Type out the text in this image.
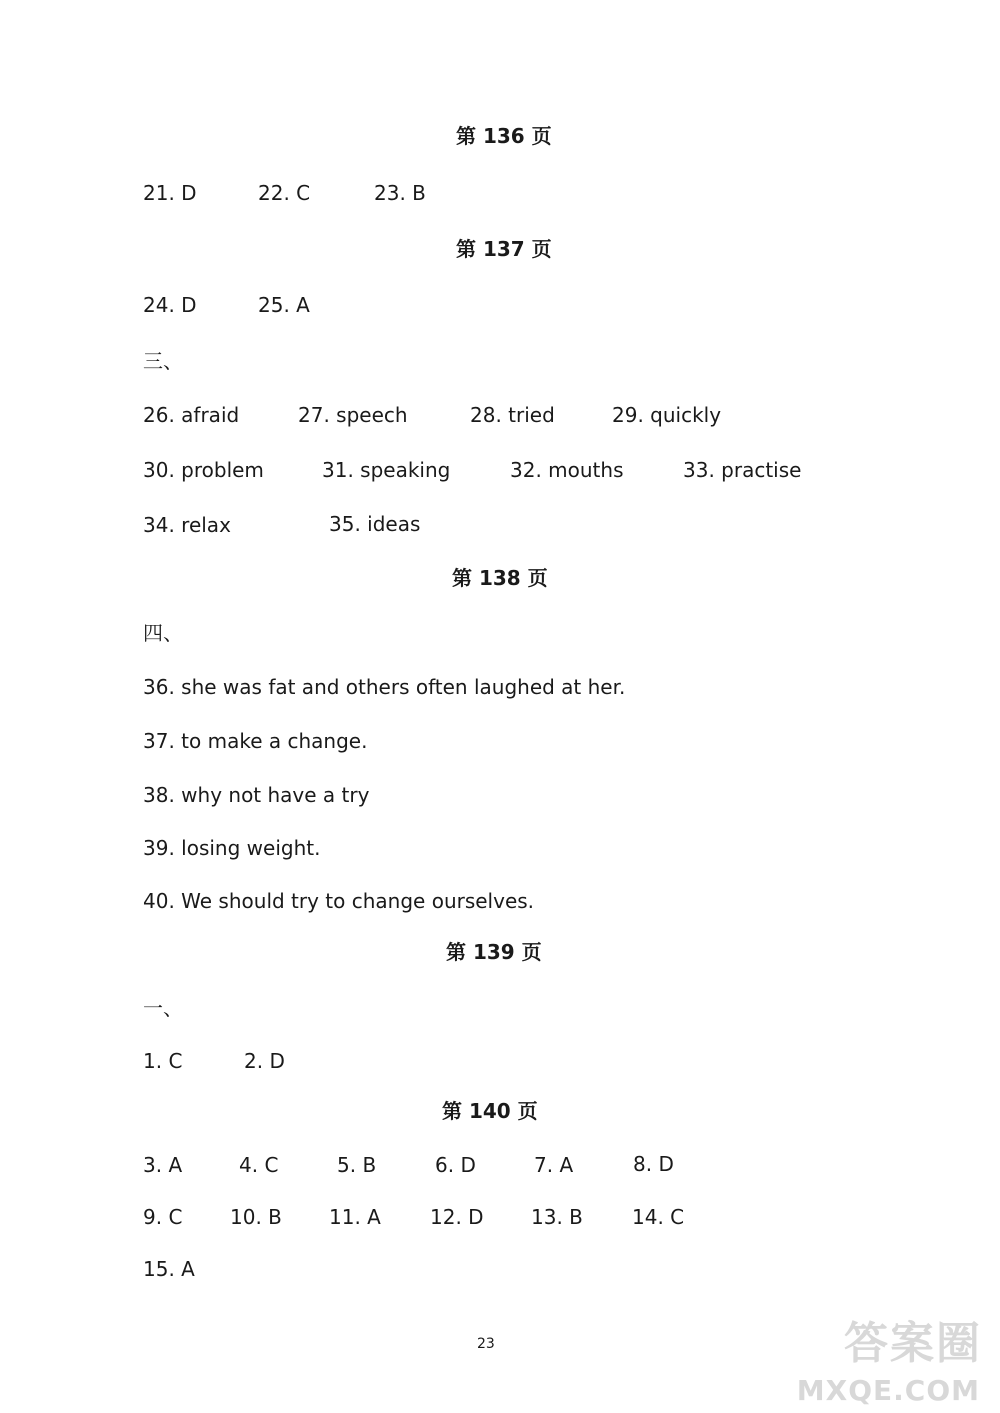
第 136 页
21. D	22. C	23. B
第 137 页
24. D	25. A
三、
26. afraid	27. speech	28. tried	29. quickly
30. problem	31. speaking	32. mouths	33. practise
34. relax	35. ideas
第 138 页
四、
36. she was fat and others often laughed at her.
37. to make a change.
38. why not have a try
39. losing weight.
40. We should try to change ourselves.
第 139 页
一、
1. C	2. D
第 140 页
3. A	4. C	5. B	6. D	7. A	8. D
9. C 10. B 11. A 12. D 13. B 14. C
15. A
23	答案圈
MXQE.COM
